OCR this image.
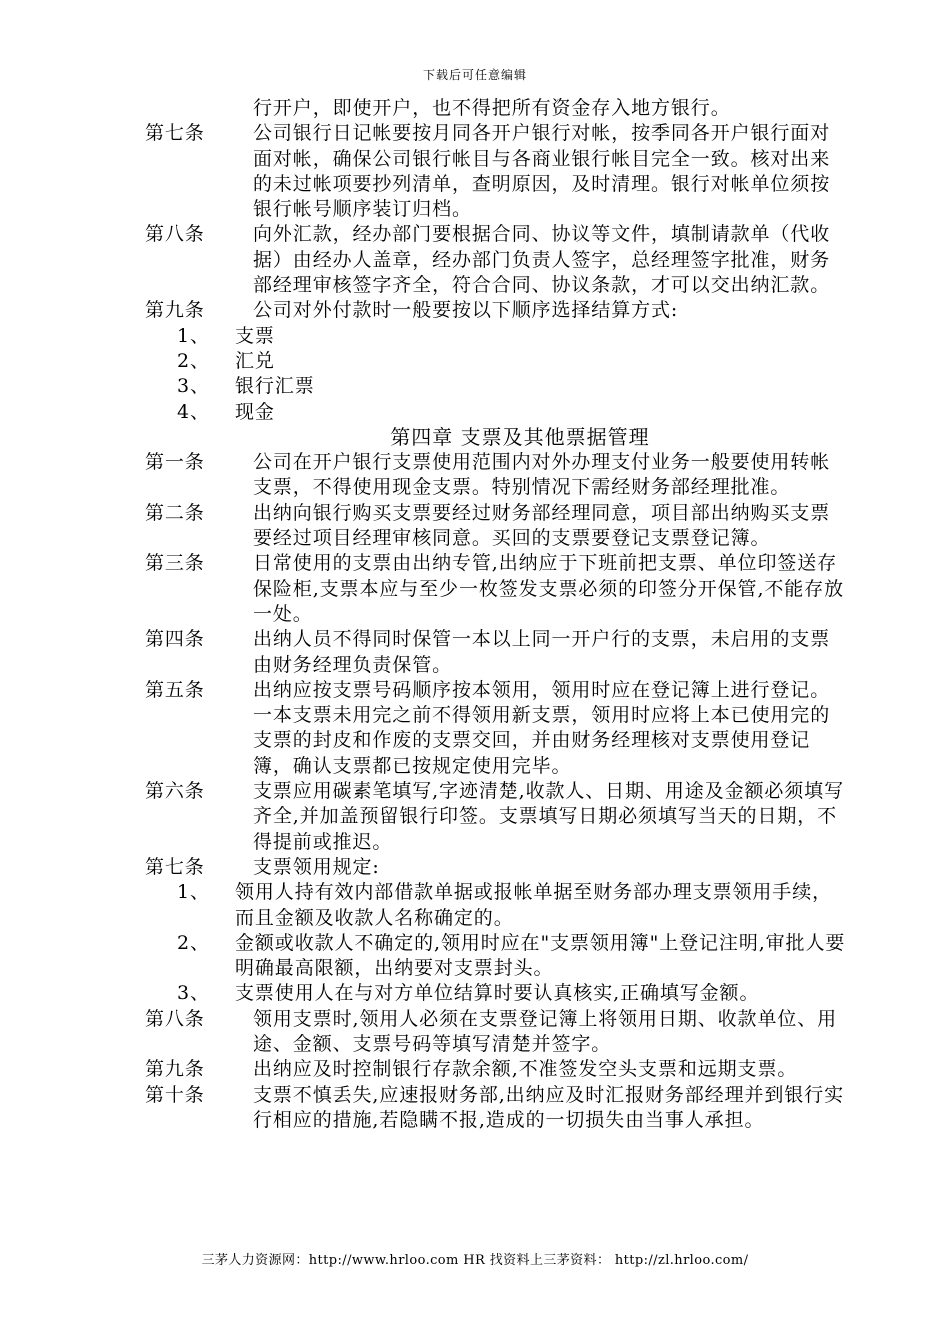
下载后可任意编辑
行开户，即使开户，也不得把所有资金存入地方银行。
第七条	公司银行日记帐要按月同各开户银行对帐，按季同各开户银行面对面对帐，确保公司银行帐目与各商业银行帐目完全一致。核对出来的未过帐项要抄列清单，查明原因，及时清理。银行对帐单位须按银行帐号顺序装订归档。
第八条	向外汇款，经办部门要根据合同、协议等文件，填制请款单（代收据）由经办人盖章，经办部门负责人签字，总经理签字批准，财务部经理审核签字齐全，符合合同、协议条款，才可以交出纳汇款。
第九条	公司对外付款时一般要按以下顺序选择结算方式:
1、 支票
2、 汇兑
3、 银行汇票
4、 现金
第四章 支票及其他票据管理
第一条	公司在开户银行支票使用范围内对外办理支付业务一般要使用转帐支票，不得使用现金支票。特别情况下需经财务部经理批准。
第二条	出纳向银行购买支票要经过财务部经理同意，项目部出纳购买支票要经过项目经理审核同意。买回的支票要登记支票登记簿。
第三条	日常使用的支票由出纳专管,出纳应于下班前把支票、单位印签送存保险柜,支票本应与至少一枚签发支票必须的印签分开保管,不能存放一处。
第四条	出纳人员不得同时保管一本以上同一开户行的支票，未启用的支票由财务经理负责保管。
第五条	出纳应按支票号码顺序按本领用，领用时应在登记簿上进行登记。一本支票未用完之前不得领用新支票，领用时应将上本已使用完的支票的封皮和作废的支票交回，并由财务经理核对支票使用登记簿，确认支票都已按规定使用完毕。
第六条	支票应用碳素笔填写,字迹清楚,收款人、日期、用途及金额必须填写齐全,并加盖预留银行印签。支票填写日期必须填写当天的日期，不得提前或推迟。
第七条	支票领用规定:
1、 领用人持有效内部借款单据或报帐单据至财务部办理支票领用手续，而且金额及收款人名称确定的。
2、 金额或收款人不确定的,领用时应在"支票领用簿"上登记注明,审批人要明确最高限额，出纳要对支票封头。
3、 支票使用人在与对方单位结算时要认真核实,正确填写金额。
第八条	领用支票时,领用人必须在支票登记簿上将领用日期、收款单位、用途、金额、支票号码等填写清楚并签字。
第九条	出纳应及时控制银行存款余额,不准签发空头支票和远期支票。
第十条	支票不慎丢失,应速报财务部,出纳应及时汇报财务部经理并到银行实行相应的措施,若隐瞒不报,造成的一切损失由当事人承担。
三茅人力资源网：http://www.hrloo.com HR 找资料上三茅资料： http://zl.hrloo.com/
